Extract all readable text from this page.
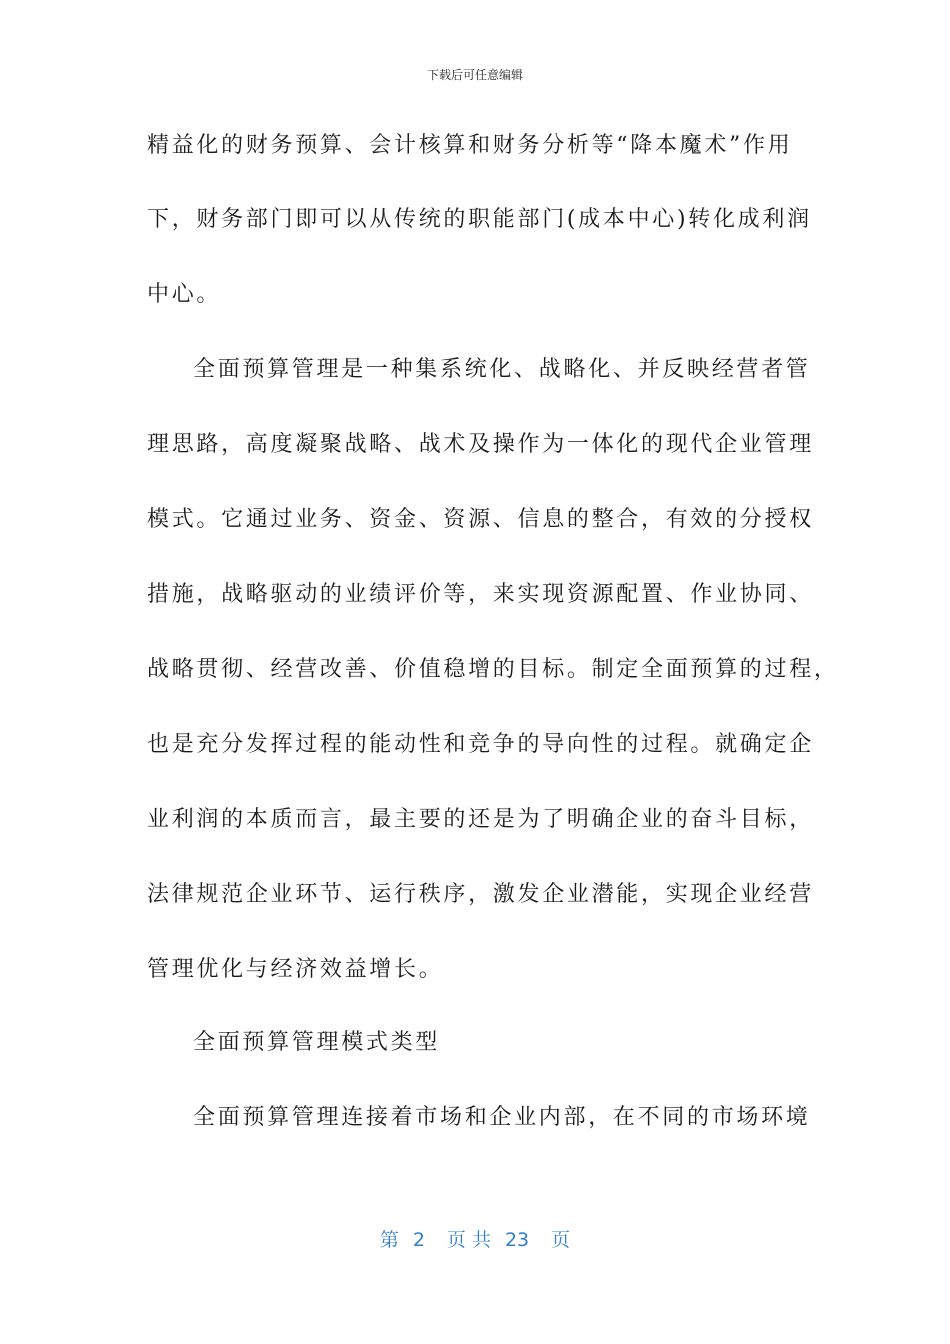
下载后可任意编辑
精益化的财务预算、会计核算和财务分析等“降本魔术”作用
下，财务部门即可以从传统的职能部门(成本中心)转化成利润
中心。
全面预算管理是一种集系统化、战略化、并反映经营者管
理思路，高度凝聚战略、战术及操作为一体化的现代企业管理
模式。它通过业务、资金、资源、信息的整合，有效的分授权
措施，战略驱动的业绩评价等，来实现资源配置、作业协同、
战略贯彻、经营改善、价值稳增的目标。制定全面预算的过程，
也是充分发挥过程的能动性和竞争的导向性的过程。就确定企
业利润的本质而言，最主要的还是为了明确企业的奋斗目标，
法律规范企业环节、运行秩序，激发企业潜能，实现企业经营
管理优化与经济效益增长。
全面预算管理模式类型
全面预算管理连接着市场和企业内部，在不同的市场环境
第 2 页 共 23 页
